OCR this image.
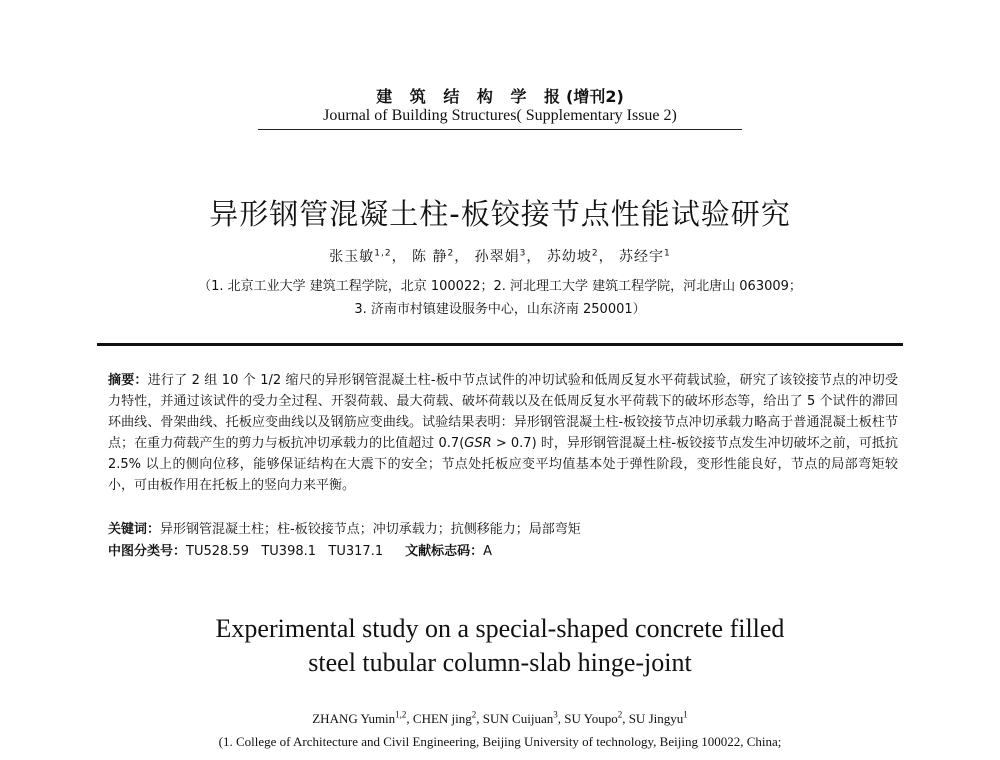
建 筑 结 构 学 报(增刊2)
Journal of Building Structures( Supplementary Issue 2)
异形钢管混凝土柱-板铰接节点性能试验研究
张玉敏$^{1,2}$， 陈 静$^2$， 孙翠娟$^3$， 苏幼坡$^2$， 苏经宇$^1$
（1. 北京工业大学 建筑工程学院，北京 100022；2. 河北理工大学 建筑工程学院，河北唐山 063009；
3. 济南市村镇建设服务中心，山东济南 250001）
摘要：进行了 2 组 10 个 1/2 缩尺的异形钢管混凝土柱-板中节点试件的冲切试验和低周反复水平荷载试验，研究了该铰接节点的冲切受力特性，并通过该试件的受力全过程、开裂荷载、最大荷载、破坏荷载以及在低周反复水平荷载下的破坏形态等，给出了 5 个试件的滞回环曲线、骨架曲线、托板应变曲线以及钢筋应变曲线。试验结果表明：异形钢管混凝土柱-板铰接节点冲切承载力略高于普通混凝土板柱节点；在重力荷载产生的剪力与板抗冲切承载力的比值超过 0.7(GSR > 0.7) 时，异形钢管混凝土柱-板铰接节点发生冲切破坏之前，可抵抗 2.5% 以上的侧向位移，能够保证结构在大震下的安全；节点处托板应变平均值基本处于弹性阶段，变形性能良好，节点的局部弯矩较小，可由板作用在托板上的竖向力来平衡。
关键词：异形钢管混凝土柱；柱-板铰接节点；冲切承载力；抗侧移能力；局部弯矩
中图分类号：TU528.59   TU398.1   TU317.1 文献标志码：A
Experimental study on a special-shaped concrete filled
steel tubular column-slab hinge-joint
ZHANG Yumin$^{1,2}$, CHEN jing$^2$, SUN Cuijuan$^3$, SU Youpo$^2$, SU Jingyu$^1$
(1. College of Architecture and Civil Engineering, Beijing University of technology, Beijing 100022, China;
